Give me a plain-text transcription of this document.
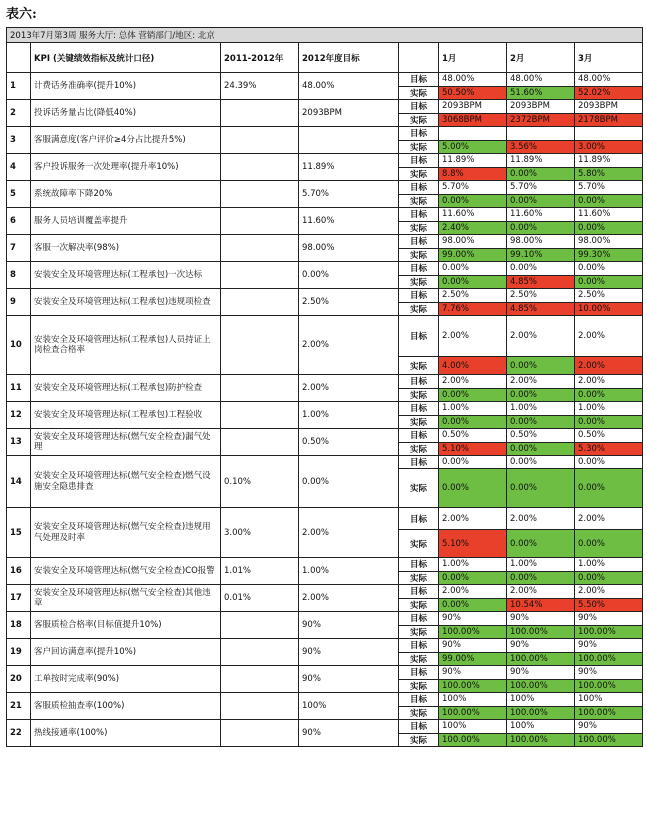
表六:
2013年7月第3周 服务大厅: 总体 营销部门/地区: 北京							
	KPI (关键绩效指标及统计口径)	2011-2012年	2012年度目标		1月	2月	3月
1	计费话务准确率(提升10%)	24.39%	48.00%	目标	48.00%	48.00%	48.00%
				实际	50.50%	51.60%	52.02%
2	投诉话务量占比(降低40%)		2093BPM	目标	2093BPM	2093BPM	2093BPM
				实际	3068BPM	2372BPM	2178BPM
3	客服满意度(客户评价≥4分占比提升5%)			目标			
				实际	5.00%	3.56%	3.00%
4	客户投诉服务一次处理率(提升率10%)		11.89%	目标	11.89%	11.89%	11.89%
				实际	8.8%	0.00%	5.80%
5	系统故障率下降20%		5.70%	目标	5.70%	5.70%	5.70%
				实际	0.00%	0.00%	0.00%
6	服务人员培训覆盖率提升		11.60%	目标	11.60%	11.60%	11.60%
				实际	2.40%	0.00%	0.00%
7	客服一次解决率(98%)		98.00%	目标	98.00%	98.00%	98.00%
				实际	99.00%	99.10%	99.30%
8	安装安全及环境管理达标(工程承包)一次达标		0.00%	目标	0.00%	0.00%	0.00%
				实际	0.00%	4.85%	0.00%
9	安装安全及环境管理达标(工程承包)违规项检查		2.50%	目标	2.50%	2.50%	2.50%
				实际	7.76%	4.85%	10.00%
10	安装安全及环境管理达标(工程承包)人员持证上岗检查合格率		2.00%	目标	2.00%	2.00%	2.00%
				实际	4.00%	0.00%	2.00%
11	安装安全及环境管理达标(工程承包)防护检查		2.00%	目标	2.00%	2.00%	2.00%
				实际	0.00%	0.00%	0.00%
12	安装安全及环境管理达标(工程承包)工程验收		1.00%	目标	1.00%	1.00%	1.00%
				实际	0.00%	0.00%	0.00%
13	安装安全及环境管理达标(燃气安全检查)漏气处理		0.50%	目标	0.50%	0.50%	0.50%
				实际	5.10%	0.00%	5.30%
14	安装安全及环境管理达标(燃气安全检查)燃气设施安全隐患排查	0.10%	0.00%	目标	0.00%	0.00%	0.00%
				实际	0.00%	0.00%	0.00%
15	安装安全及环境管理达标(燃气安全检查)违规用气处理及时率	3.00%	2.00%	目标	2.00%	2.00%	2.00%
				实际	5.10%	0.00%	0.00%
16	安装安全及环境管理达标(燃气安全检查)CO报警	1.01%	1.00%	目标	1.00%	1.00%	1.00%
				实际	0.00%	0.00%	0.00%
17	安装安全及环境管理达标(燃气安全检查)其他违章	0.01%	2.00%	目标	2.00%	2.00%	2.00%
				实际	0.00%	10.54%	5.50%
18	客服质检合格率(目标值提升10%)		90%	目标	90%	90%	90%
				实际	100.00%	100.00%	100.00%
19	客户回访满意率(提升10%)		90%	目标	90%	90%	90%
				实际	99.00%	100.00%	100.00%
20	工单按时完成率(90%)		90%	目标	90%	90%	90%
				实际	100.00%	100.00%	100.00%
21	客服质检抽查率(100%)		100%	目标	100%	100%	100%
				实际	100.00%	100.00%	100.00%
22	热线接通率(100%)		90%	目标	100%	100%	90%
				实际	100.00%	100.00%	100.00%
